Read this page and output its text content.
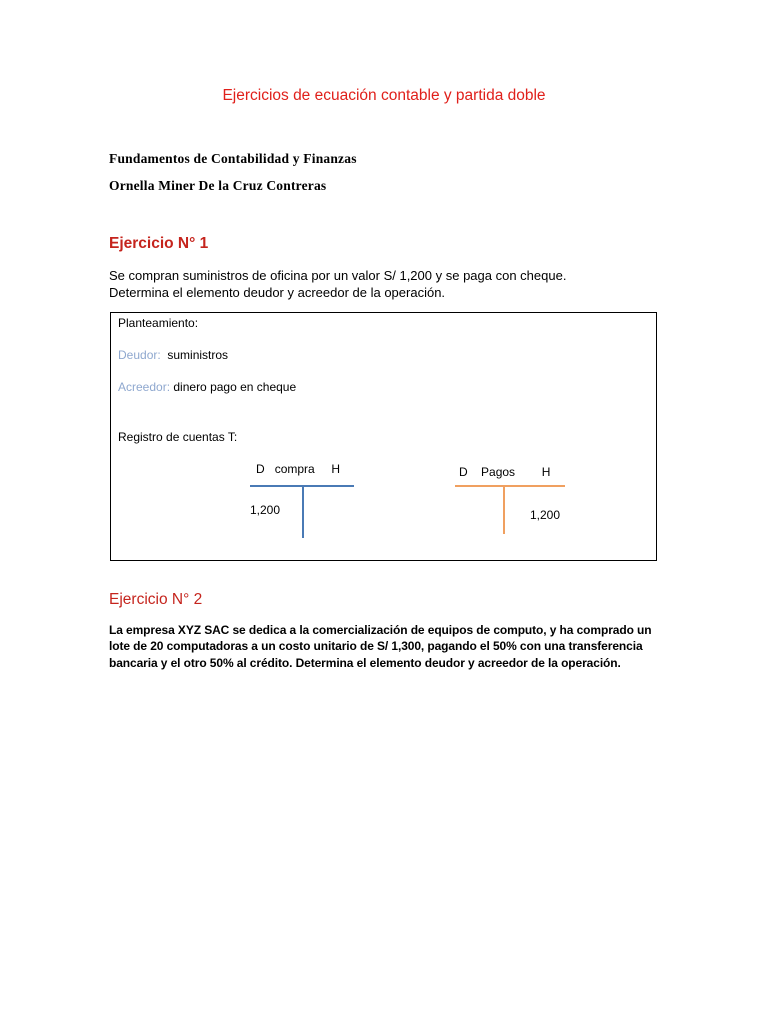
Ejercicios de ecuación contable y partida doble
Fundamentos de Contabilidad y Finanzas
Ornella Miner De la Cruz Contreras
Ejercicio N° 1
Se compran suministros de oficina por un valor S/ 1,200 y se paga con cheque.
Determina el elemento deudor y acreedor de la operación.
Planteamiento:
Deudor: suministros
Acreedor: dinero pago en cheque
Registro de cuentas T:
D compra H
1,200
D Pagos H
1,200
Ejercicio N° 2
La empresa XYZ SAC se dedica a la comercialización de equipos de computo, y ha comprado un lote de 20 computadoras a un costo unitario de S/ 1,300, pagando el 50% con una transferencia bancaria y el otro 50% al crédito. Determina el elemento deudor y acreedor de la operación.
